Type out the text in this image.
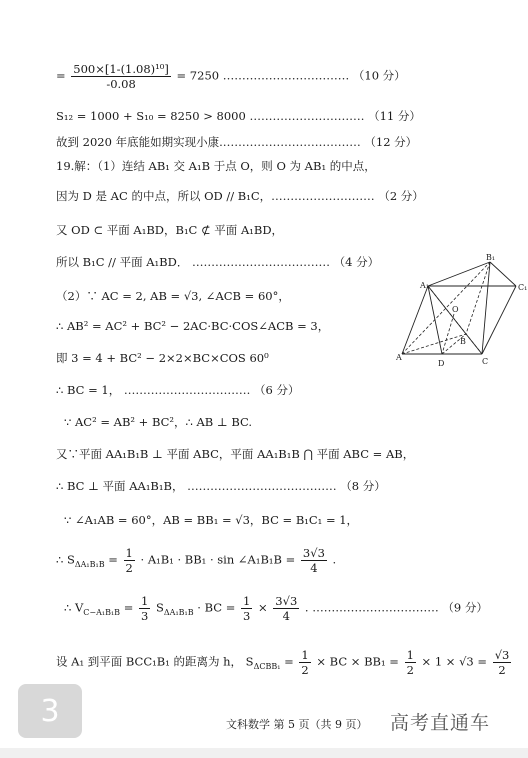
= $\frac{\text{500×[1-(1.08)¹⁰]}}{-0.08} = 7250$ …………………………… （10 分）
S₁₂ = 1000 + S₁₀ = 8250 > 8000 ………………………… （11 分）
故到 2020 年底能如期实现小康.……………………………… （12 分）
19.解：（1）连结 AB₁ 交 A₁B 于点 O，则 O 为 AB₁ 的中点，
因为 D 是 AC 的中点，所以 OD // B₁C，……………………… （2 分）
又 OD ⊂ 平面 A₁BD，B₁C ⊄ 平面 A₁BD，
所以 B₁C // 平面 A₁BD． ……………………………… （4 分）
（2）∵ AC = 2, AB = √3, ∠ACB = 60°，
∴ AB² = AC² + BC² − 2AC·BC·COS∠ACB = 3，
即 3 = 4 + BC² − 2×2×BC×COS 60⁰
∴ BC = 1， …………………………… （6 分）
∵ AC² = AB² + BC²，∴ AB ⊥ BC.
又∵平面 AA₁B₁B ⊥ 平面 ABC，平面 AA₁B₁B ⋂ 平面 ABC = AB，
∴ BC ⊥ 平面 AA₁B₁B， ………………………………… （8 分）
∵ ∠A₁AB = 60°，AB = BB₁ = √3，BC = B₁C₁ = 1，
∴ $S_{\Delta A_1B_1B} = \frac{1}{2} \cdot A_1B_1 \cdot BB_1 \cdot \sin$ ∠A₁B₁B = $\frac{3√3}{4}$ .
∴ $V_{C-A_1B_1B} = \frac{1}{3} S_{\Delta A_1B_1B}$ · BC = $\frac{1}{3} \times \frac{3√3}{4}$ . …………………………… （9 分）
设 A₁ 到平面 BCC₁B₁ 的距离为 h， $S_{\Delta CBB_1} = \frac{1}{2}$ × BC × $BB_1 = \frac{1}{2} \times 1 \times √3 = \frac{√3}{2}$
A₁
B₁
C₁
A
B
C
D
O
3	文科数学 第 5 页（共 9 页） 高考直通车
